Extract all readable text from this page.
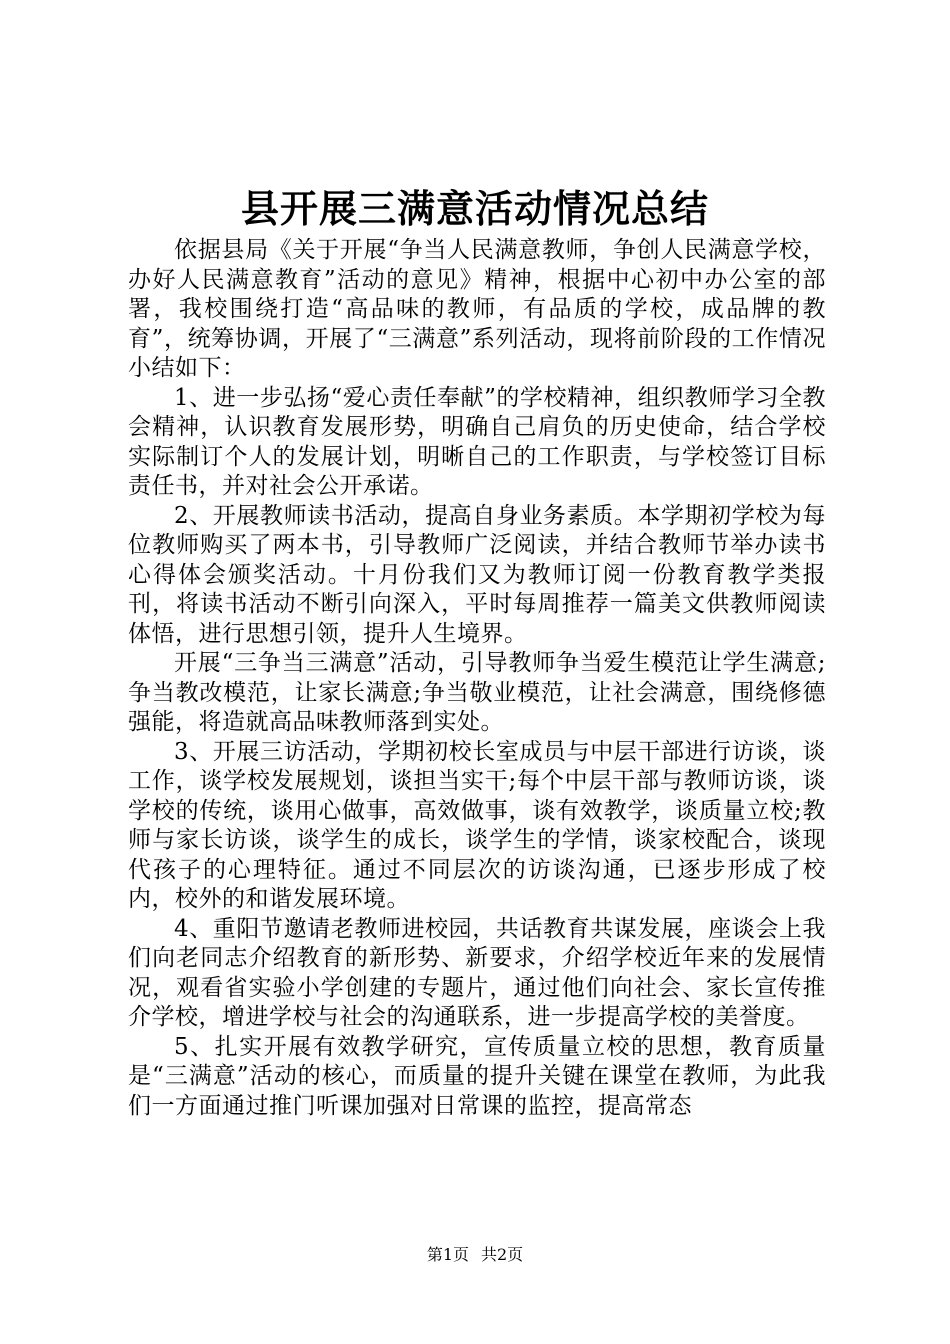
县开展三满意活动情况总结

依据县局《关于开展“争当人民满意教师，争创人民满意学校，办好人民满意教育”活动的意见》精神，根据中心初中办公室的部署，我校围绕打造“高品味的教师，有品质的学校，成品牌的教育”，统筹协调，开展了“三满意”系列活动，现将前阶段的工作情况小结如下：

1、进一步弘扬“爱心责任奉献”的学校精神，组织教师学习全教会精神，认识教育发展形势，明确自己肩负的历史使命，结合学校实际制订个人的发展计划，明晰自己的工作职责，与学校签订目标责任书，并对社会公开承诺。

2、开展教师读书活动，提高自身业务素质。本学期初学校为每位教师购买了两本书，引导教师广泛阅读，并结合教师节举办读书心得体会颁奖活动。十月份我们又为教师订阅一份教育教学类报刊，将读书活动不断引向深入，平时每周推荐一篇美文供教师阅读体悟，进行思想引领，提升人生境界。

开展“三争当三满意”活动，引导教师争当爱生模范让学生满意;争当教改模范，让家长满意;争当敬业模范，让社会满意，围绕修德强能，将造就高品味教师落到实处。

3、开展三访活动，学期初校长室成员与中层干部进行访谈，谈工作，谈学校发展规划，谈担当实干;每个中层干部与教师访谈，谈学校的传统，谈用心做事，高效做事，谈有效教学，谈质量立校;教师与家长访谈，谈学生的成长，谈学生的学情，谈家校配合，谈现代孩子的心理特征。通过不同层次的访谈沟通，已逐步形成了校内，校外的和谐发展环境。

4、重阳节邀请老教师进校园，共话教育共谋发展，座谈会上我们向老同志介绍教育的新形势、新要求，介绍学校近年来的发展情况，观看省实验小学创建的专题片，通过他们向社会、家长宣传推介学校，增进学校与社会的沟通联系，进一步提高学校的美誉度。

5、扎实开展有效教学研究，宣传质量立校的思想，教育质量是“三满意”活动的核心，而质量的提升关键在课堂在教师，为此我们一方面通过推门听课加强对日常课的监控，提高常态

第1页 共2页
